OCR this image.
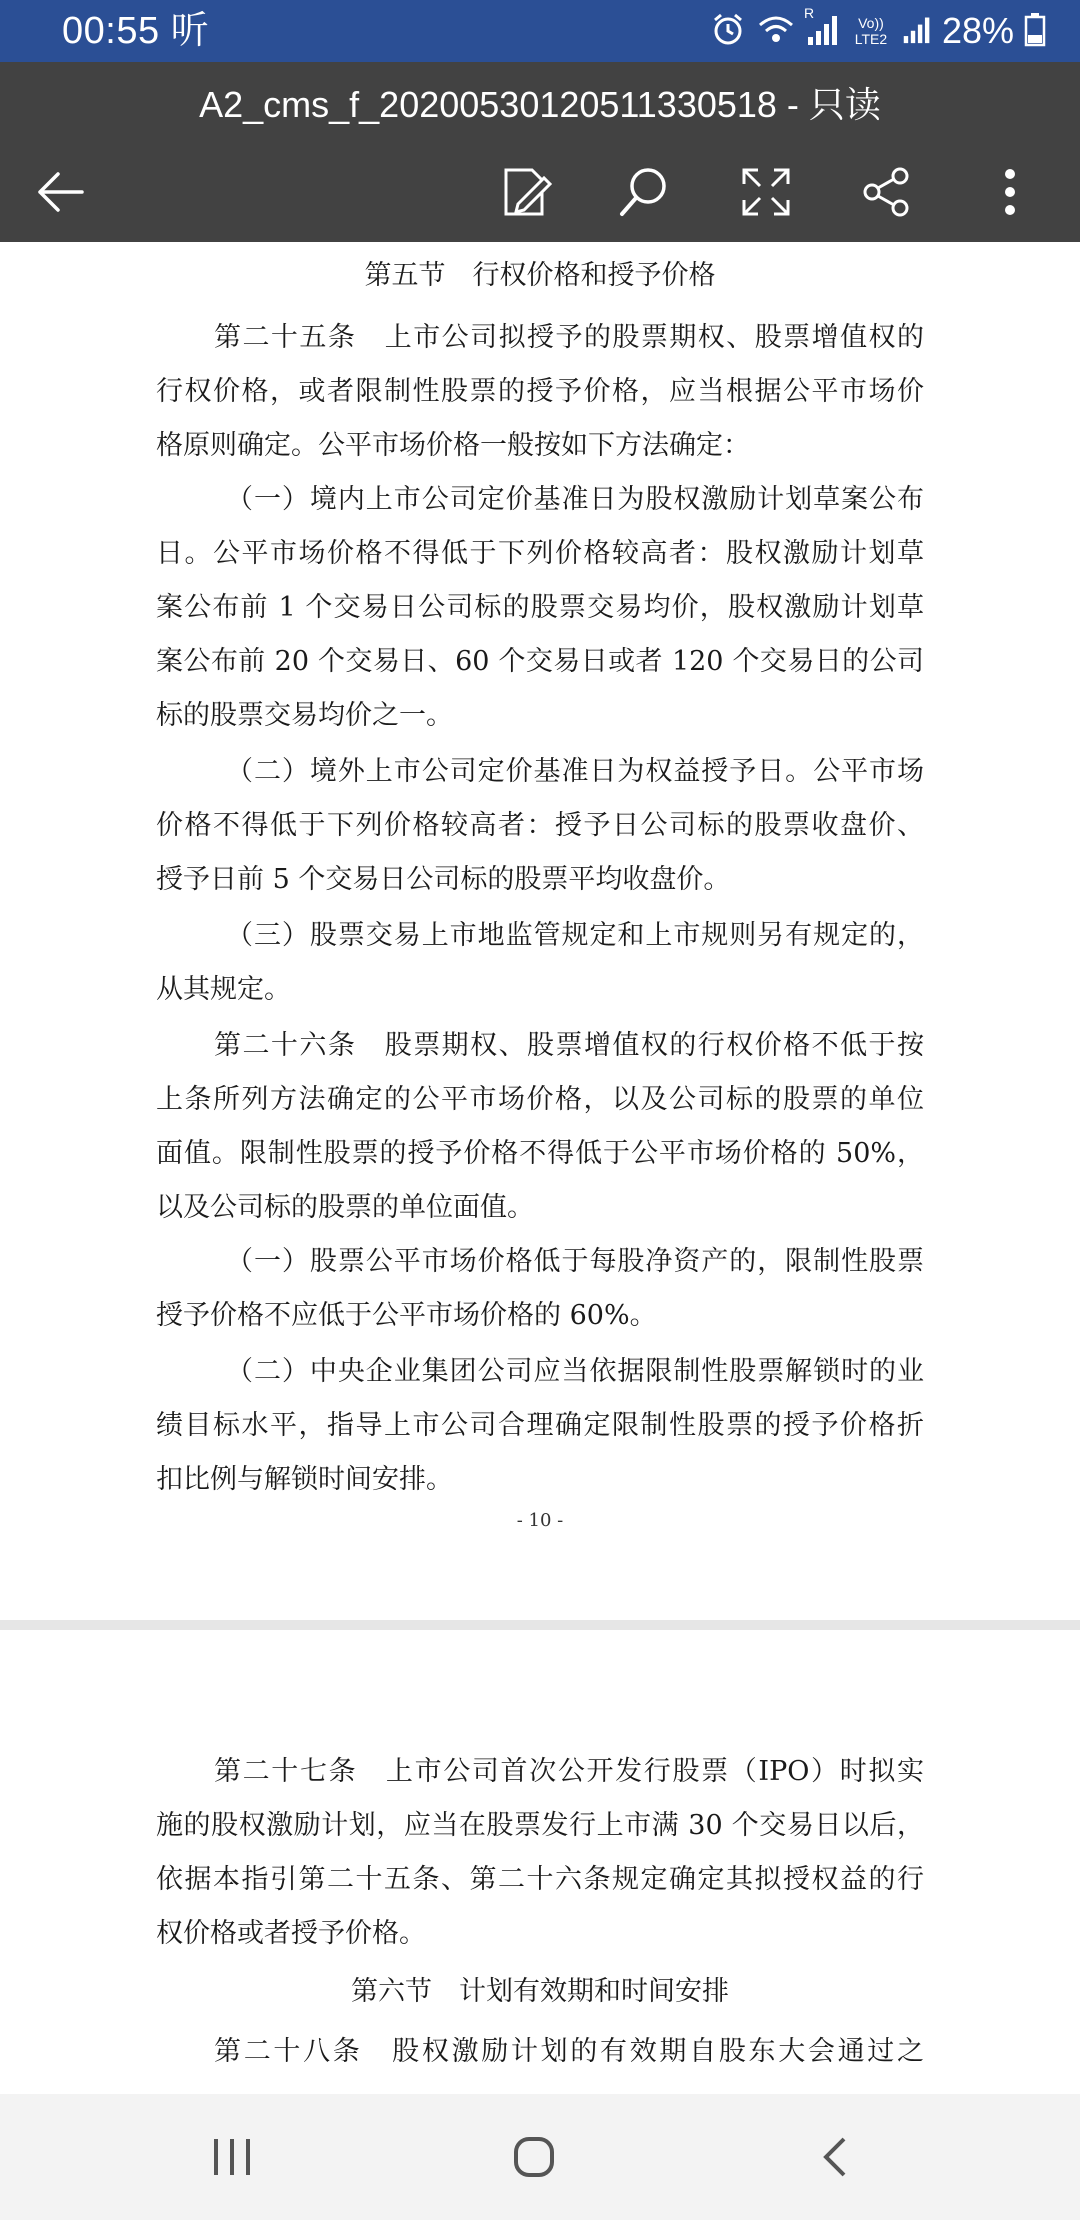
00:55 听	R
Vo)) LTE2 28%
A2_cms_f_20200530120511330518 - 只读
第五节　行权价格和授予价格
第二十五条　上市公司拟授予的股票期权、股票增值权的
行权价格，或者限制性股票的授予价格，应当根据公平市场价
格原则确定。公平市场价格一般按如下方法确定：
（一）境内上市公司定价基准日为股权激励计划草案公布
日。公平市场价格不得低于下列价格较高者：股权激励计划草
案公布前 1 个交易日公司标的股票交易均价，股权激励计划草
案公布前 20 个交易日、60 个交易日或者 120 个交易日的公司
标的股票交易均价之一。
（二）境外上市公司定价基准日为权益授予日。公平市场
价格不得低于下列价格较高者：授予日公司标的股票收盘价、
授予日前 5 个交易日公司标的股票平均收盘价。
（三）股票交易上市地监管规定和上市规则另有规定的，
从其规定。
第二十六条　股票期权、股票增值权的行权价格不低于按
上条所列方法确定的公平市场价格，以及公司标的股票的单位
面值。限制性股票的授予价格不得低于公平市场价格的 50%，
以及公司标的股票的单位面值。
（一）股票公平市场价格低于每股净资产的，限制性股票
授予价格不应低于公平市场价格的 60%。
（二）中央企业集团公司应当依据限制性股票解锁时的业
绩目标水平，指导上市公司合理确定限制性股票的授予价格折
扣比例与解锁时间安排。
- 10 -
第二十七条　上市公司首次公开发行股票（IPO）时拟实
施的股权激励计划，应当在股票发行上市满 30 个交易日以后，
依据本指引第二十五条、第二十六条规定确定其拟授权益的行
权价格或者授予价格。
第六节　计划有效期和时间安排
第二十八条　股权激励计划的有效期自股东大会通过之
